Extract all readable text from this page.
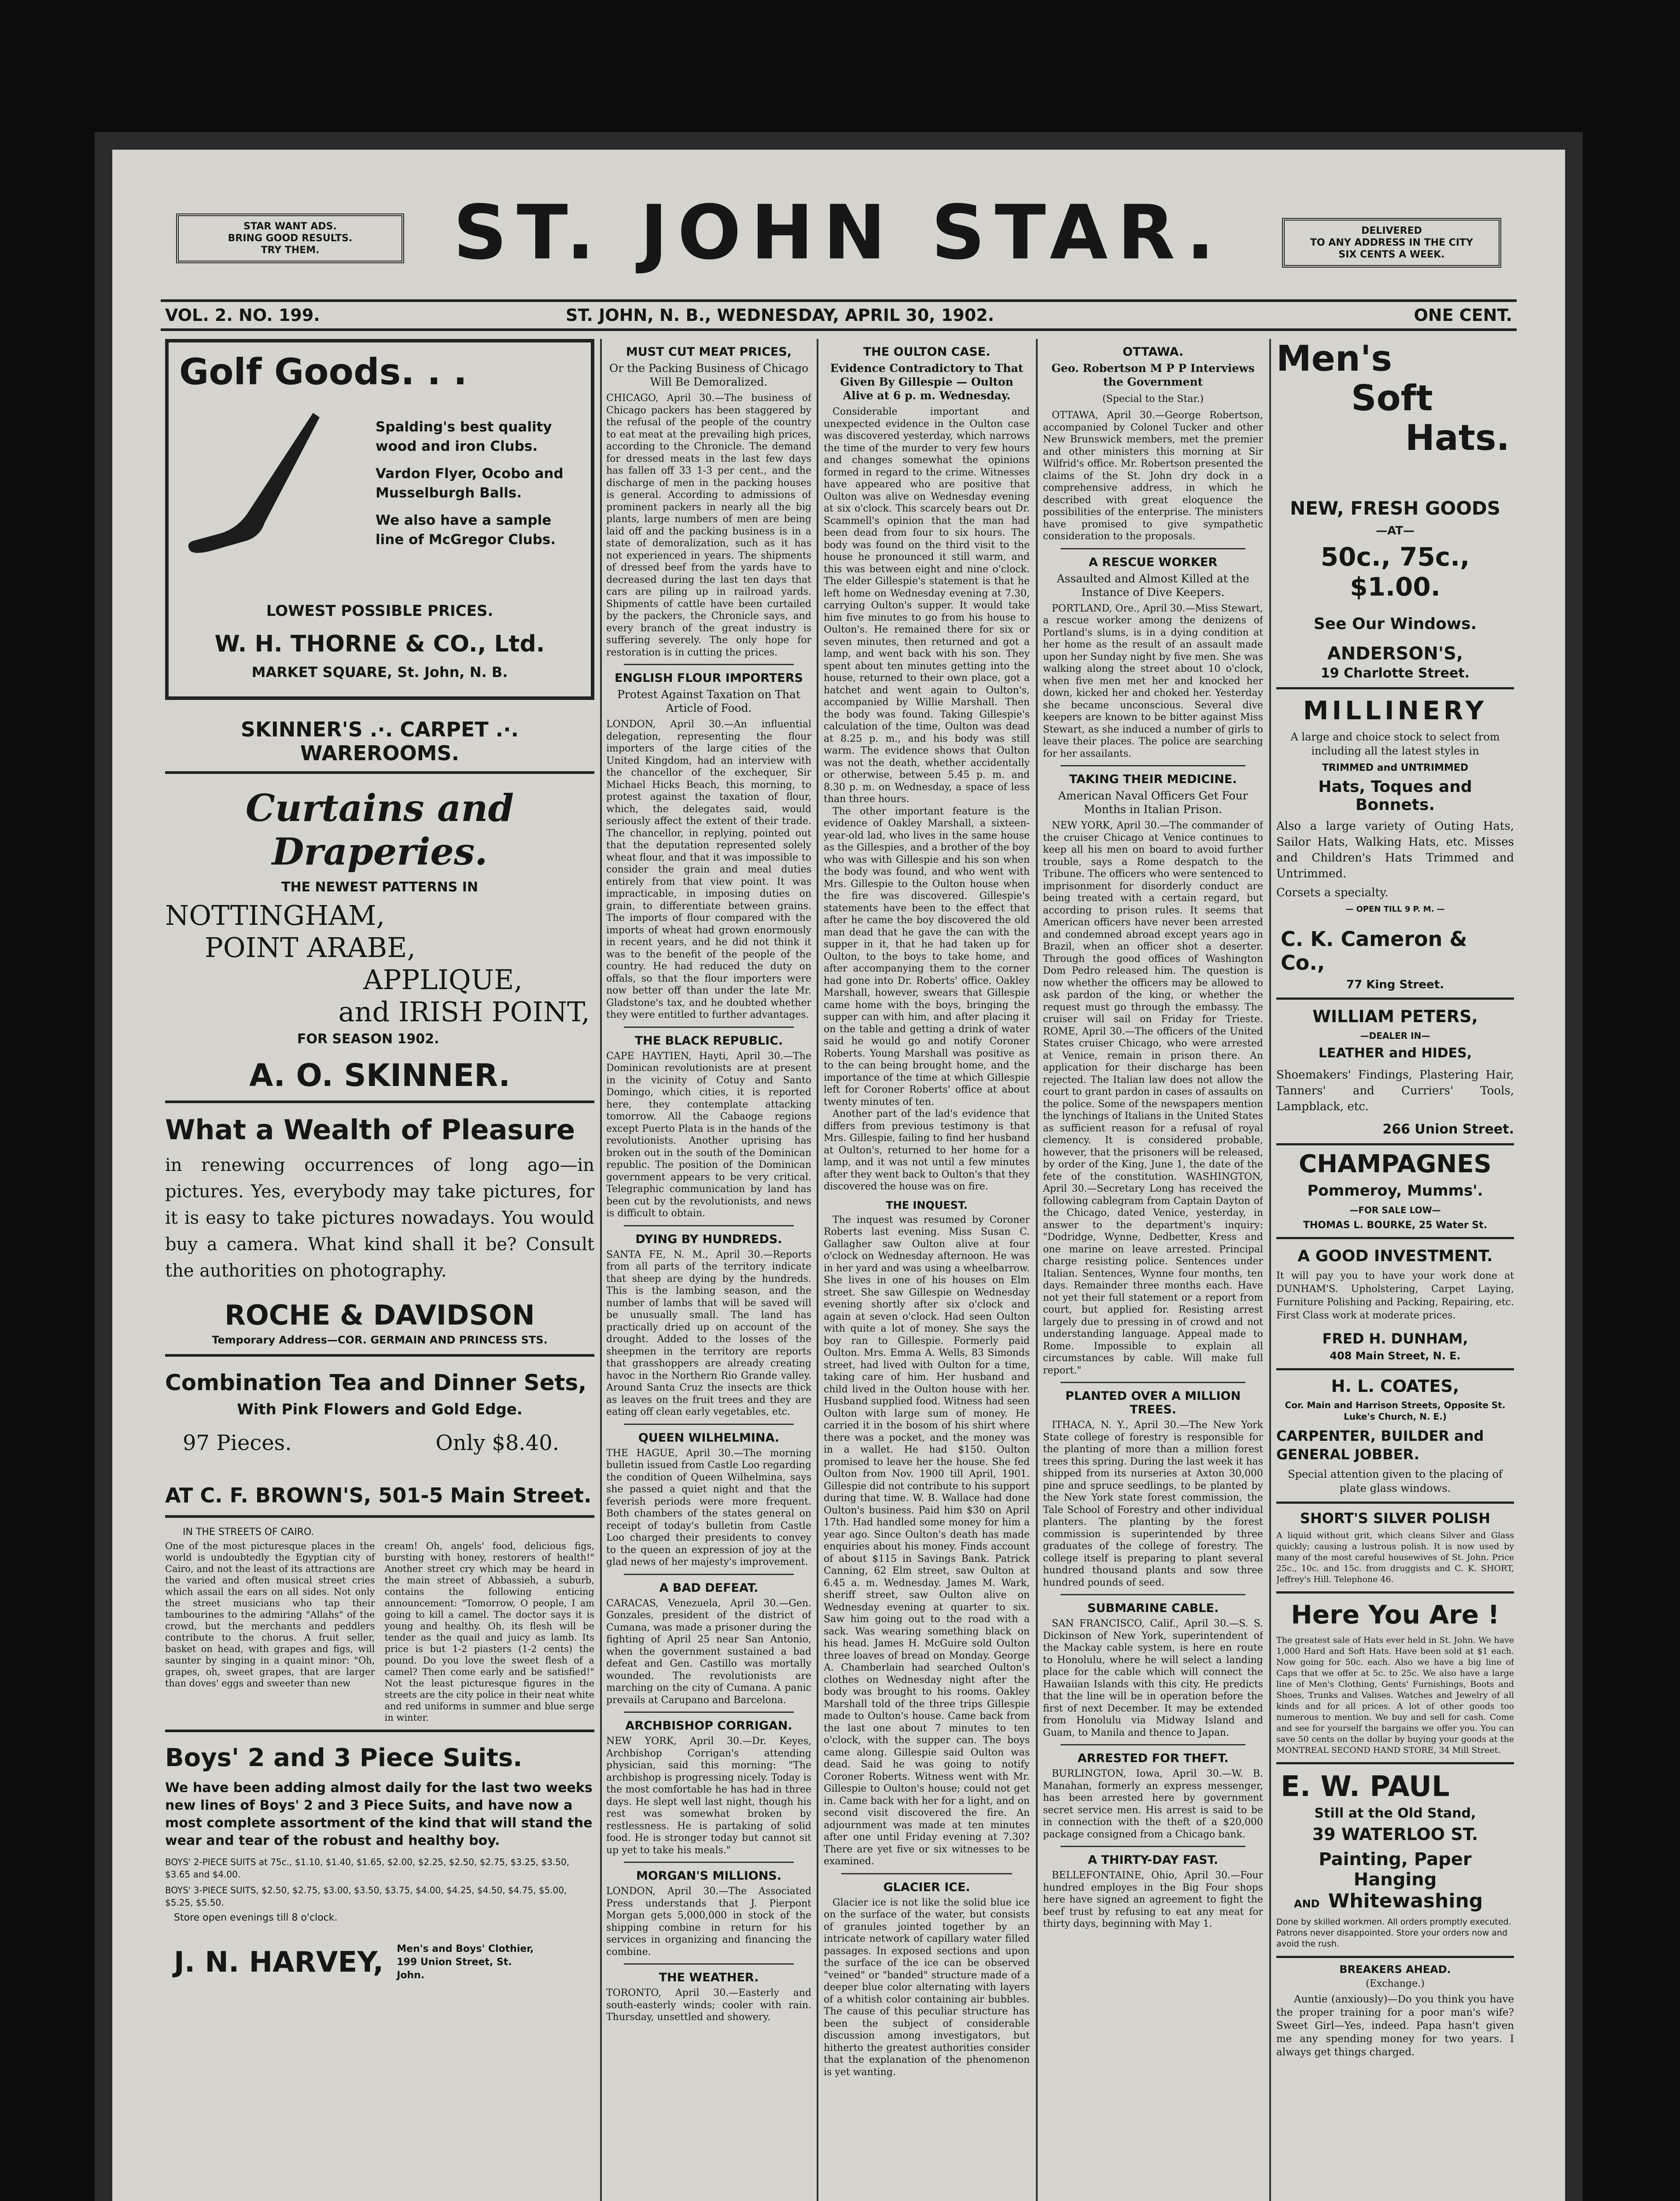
STAR WANT ADS.
BRING GOOD RESULTS.
TRY THEM.	ST. JOHN STAR.	DELIVERED
TO ANY ADDRESS IN THE CITY
SIX CENTS A WEEK.
VOL. 2. NO. 199.	ST. JOHN, N. B., WEDNESDAY, APRIL 30, 1902.	ONE CENT.
Golf Goods. . .
Spalding's best quality wood and iron Clubs.
Vardon Flyer, Ocobo and Musselburgh Balls.
We also have a sample line of McGregor Clubs.
LOWEST POSSIBLE PRICES.
W. H. THORNE & CO., Ltd.
MARKET SQUARE, St. John, N. B.
SKINNER'S .·. CARPET .·. WAREROOMS.
Curtains and Draperies.
THE NEWEST PATTERNS IN
NOTTINGHAM,
POINT ARABE,
APPLIQUE,
and IRISH POINT,
FOR SEASON 1902.
A. O. SKINNER.
What a Wealth of Pleasure
in renewing occurrences of long ago—in pictures. Yes, everybody may take pictures, for it is easy to take pictures nowadays. You would buy a camera. What kind shall it be? Consult the authorities on photography.
ROCHE & DAVIDSON
Temporary Address—COR. GERMAIN AND PRINCESS STS.
Combination Tea and Dinner Sets,
With Pink Flowers and Gold Edge.
97 Pieces.	Only $8.40.
AT C. F. BROWN'S, 501-5 Main Street.
IN THE STREETS OF CAIRO.
One of the most picturesque places in the world is undoubtedly the Egyptian city of Cairo, and not the least of its attractions are the varied and often musical street cries which assail the ears on all sides. Not only the street musicians who tap their tambourines to the admiring "Allahs" of the crowd, but the merchants and peddlers contribute to the chorus. A fruit seller, basket on head, with grapes and figs, will saunter by singing in a quaint minor: "Oh, grapes, oh, sweet grapes, that are larger than doves' eggs and sweeter than new
cream! Oh, angels' food, delicious figs, bursting with honey, restorers of health!" Another street cry which may be heard in the main street of Abbassieh, a suburb, contains the following enticing announcement: "Tomorrow, O people, I am going to kill a camel. The doctor says it is young and healthy. Oh, its flesh will be tender as the quail and juicy as lamb. Its price is but 1-2 piasters (1-2 cents) the pound. Do you love the sweet flesh of a camel? Then come early and be satisfied!" Not the least picturesque figures in the streets are the city police in their neat white and red uniforms in summer and blue serge in winter.
Boys' 2 and 3 Piece Suits.
We have been adding almost daily for the last two weeks new lines of Boys' 2 and 3 Piece Suits, and have now a most complete assortment of the kind that will stand the wear and tear of the robust and healthy boy.
BOYS' 2-PIECE SUITS at 75c., $1.10, $1.40, $1.65, $2.00, $2.25, $2.50, $2.75, $3.25, $3.50, $3.65 and $4.00.
BOYS' 3-PIECE SUITS, $2.50, $2.75, $3.00, $3.50, $3.75, $4.00, $4.25, $4.50, $4.75, $5.00, $5.25, $5.50.
Store open evenings till 8 o'clock.
J. N. HARVEY, Men's and Boys' Clothier, 199 Union Street, St. John.
MUST CUT MEAT PRICES,
Or the Packing Business of Chicago Will Be Demoralized.
CHICAGO, April 30.—The business of Chicago packers has been staggered by the refusal of the people of the country to eat meat at the prevailing high prices, according to the Chronicle. The demand for dressed meats in the last few days has fallen off 33 1-3 per cent., and the discharge of men in the packing houses is general. According to admissions of prominent packers in nearly all the big plants, large numbers of men are being laid off and the packing business is in a state of demoralization, such as it has not experienced in years. The shipments of dressed beef from the yards have to decreased during the last ten days that cars are piling up in railroad yards. Shipments of cattle have been curtailed by the packers, the Chronicle says, and every branch of the great industry is suffering severely. The only hope for restoration is in cutting the prices.
ENGLISH FLOUR IMPORTERS
Protest Against Taxation on That Article of Food.
LONDON, April 30.—An influential delegation, representing the flour importers of the large cities of the United Kingdom, had an interview with the chancellor of the exchequer, Sir Michael Hicks Beach, this morning, to protest against the taxation of flour, which, the delegates said, would seriously affect the extent of their trade. The chancellor, in replying, pointed out that the deputation represented solely wheat flour, and that it was impossible to consider the grain and meal duties entirely from that view point. It was impracticable, in imposing duties on grain, to differentiate between grains. The imports of flour compared with the imports of wheat had grown enormously in recent years, and he did not think it was to the benefit of the people of the country. He had reduced the duty on offals, so that the flour importers were now better off than under the late Mr. Gladstone's tax, and he doubted whether they were entitled to further advantages.
THE BLACK REPUBLIC.
CAPE HAYTIEN, Hayti, April 30.—The Dominican revolutionists are at present in the vicinity of Cotuy and Santo Domingo, which cities, it is reported here, they contemplate attacking tomorrow. All the Cabaoge regions except Puerto Plata is in the hands of the revolutionists. Another uprising has broken out in the south of the Dominican republic. The position of the Dominican government appears to be very critical. Telegraphic communication by land has been cut by the revolutionists, and news is difficult to obtain.
DYING BY HUNDREDS.
SANTA FE, N. M., April 30.—Reports from all parts of the territory indicate that sheep are dying by the hundreds. This is the lambing season, and the number of lambs that will be saved will be unusually small. The land has practically dried up on account of the drought. Added to the losses of the sheepmen in the territory are reports that grasshoppers are already creating havoc in the Northern Rio Grande valley. Around Santa Cruz the insects are thick as leaves on the fruit trees and they are eating off clean early vegetables, etc.
QUEEN WILHELMINA.
THE HAGUE, April 30.—The morning bulletin issued from Castle Loo regarding the condition of Queen Wilhelmina, says she passed a quiet night and that the feverish periods were more frequent. Both chambers of the states general on receipt of today's bulletin from Castle Loo charged their presidents to convey to the queen an expression of joy at the glad news of her majesty's improvement.
A BAD DEFEAT.
CARACAS, Venezuela, April 30.—Gen. Gonzales, president of the district of Cumana, was made a prisoner during the fighting of April 25 near San Antonio, when the government sustained a bad defeat and Gen. Castillo was mortally wounded. The revolutionists are marching on the city of Cumana. A panic prevails at Carupano and Barcelona.
ARCHBISHOP CORRIGAN.
NEW YORK, April 30.—Dr. Keyes, Archbishop Corrigan's attending physician, said this morning: "The archbishop is progressing nicely. Today is the most comfortable he has had in three days. He slept well last night, though his rest was somewhat broken by restlessness. He is partaking of solid food. He is stronger today but cannot sit up yet to take his meals."
MORGAN'S MILLIONS.
LONDON, April 30.—The Associated Press understands that J. Pierpont Morgan gets 5,000,000 in stock of the shipping combine in return for his services in organizing and financing the combine.
THE WEATHER.
TORONTO, April 30.—Easterly and south-easterly winds; cooler with rain. Thursday, unsettled and showery.
THE OULTON CASE.
Evidence Contradictory to That Given By Gillespie — Oulton Alive at 6 p. m. Wednesday.
Considerable important and unexpected evidence in the Oulton case was discovered yesterday, which narrows the time of the murder to very few hours and changes somewhat the opinions formed in regard to the crime. Witnesses have appeared who are positive that Oulton was alive on Wednesday evening at six o'clock. This scarcely bears out Dr. Scammell's opinion that the man had been dead from four to six hours. The body was found on the third visit to the house he pronounced it still warm, and this was between eight and nine o'clock. The elder Gillespie's statement is that he left home on Wednesday evening at 7.30, carrying Oulton's supper. It would take him five minutes to go from his house to Oulton's. He remained there for six or seven minutes, then returned and got a lamp, and went back with his son. They spent about ten minutes getting into the house, returned to their own place, got a hatchet and went again to Oulton's, accompanied by Willie Marshall. Then the body was found. Taking Gillespie's calculation of the time, Oulton was dead at 8.25 p. m., and his body was still warm. The evidence shows that Oulton was not the death, whether accidentally or otherwise, between 5.45 p. m. and 8.30 p. m. on Wednesday, a space of less than three hours.
The other important feature is the evidence of Oakley Marshall, a sixteen-year-old lad, who lives in the same house as the Gillespies, and a brother of the boy who was with Gillespie and his son when the body was found, and who went with Mrs. Gillespie to the Oulton house when the fire was discovered. Gillespie's statements have been to the effect that after he came the boy discovered the old man dead that he gave the can with the supper in it, that he had taken up for Oulton, to the boys to take home, and after accompanying them to the corner had gone into Dr. Roberts' office. Oakley Marshall, however, swears that Gillespie came home with the boys, bringing the supper can with him, and after placing it on the table and getting a drink of water said he would go and notify Coroner Roberts. Young Marshall was positive as to the can being brought home, and the importance of the time at which Gillespie left for Coroner Roberts' office at about twenty minutes of ten.
Another part of the lad's evidence that differs from previous testimony is that Mrs. Gillespie, failing to find her husband at Oulton's, returned to her home for a lamp, and it was not until a few minutes after they went back to Oulton's that they discovered the house was on fire.
THE INQUEST.
The inquest was resumed by Coroner Roberts last evening. Miss Susan C. Gallagher saw Oulton alive at four o'clock on Wednesday afternoon. He was in her yard and was using a wheelbarrow. She lives in one of his houses on Elm street. She saw Gillespie on Wednesday evening shortly after six o'clock and again at seven o'clock. Had seen Oulton with quite a lot of money. She says the boy ran to Gillespie. Formerly paid Oulton. Mrs. Emma A. Wells, 83 Simonds street, had lived with Oulton for a time, taking care of him. Her husband and child lived in the Oulton house with her. Husband supplied food. Witness had seen Oulton with large sum of money. He carried it in the bosom of his shirt where there was a pocket, and the money was in a wallet. He had $150. Oulton promised to leave her the house. She fed Oulton from Nov. 1900 till April, 1901. Gillespie did not contribute to his support during that time. W. B. Wallace had done Oulton's business. Paid him $30 on April 17th. Had handled some money for him a year ago. Since Oulton's death has made enquiries about his money. Finds account of about $115 in Savings Bank. Patrick Canning, 62 Elm street, saw Oulton at 6.45 a. m. Wednesday. James M. Wark, sheriff street, saw Oulton alive on Wednesday evening at quarter to six. Saw him going out to the road with a sack. Was wearing something black on his head. James H. McGuire sold Oulton three loaves of bread on Monday. George A. Chamberlain had searched Oulton's clothes on Wednesday night after the body was brought to his rooms. Oakley Marshall told of the three trips Gillespie made to Oulton's house. Came back from the last one about 7 minutes to ten o'clock, with the supper can. The boys came along. Gillespie said Oulton was dead. Said he was going to notify Coroner Roberts. Witness went with Mr. Gillespie to Oulton's house; could not get in. Came back with her for a light, and on second visit discovered the fire. An adjournment was made at ten minutes after one until Friday evening at 7.30? There are yet five or six witnesses to be examined.
GLACIER ICE.
Glacier ice is not like the solid blue ice on the surface of the water, but consists of granules jointed together by an intricate network of capillary water filled passages. In exposed sections and upon the surface of the ice can be observed "veined" or "banded" structure made of a deeper blue color alternating with layers of a whitish color containing air bubbles. The cause of this peculiar structure has been the subject of considerable discussion among investigators, but hitherto the greatest authorities consider that the explanation of the phenomenon is yet wanting.
OTTAWA.
Geo. Robertson M P P Interviews the Government
(Special to the Star.)
OTTAWA, April 30.—George Robertson, accompanied by Colonel Tucker and other New Brunswick members, met the premier and other ministers this morning at Sir Wilfrid's office. Mr. Robertson presented the claims of the St. John dry dock in a comprehensive address, in which he described with great eloquence the possibilities of the enterprise. The ministers have promised to give sympathetic consideration to the proposals.
A RESCUE WORKER
Assaulted and Almost Killed at the Instance of Dive Keepers.
PORTLAND, Ore., April 30.—Miss Stewart, a rescue worker among the denizens of Portland's slums, is in a dying condition at her home as the result of an assault made upon her Sunday night by five men. She was walking along the street about 10 o'clock, when five men met her and knocked her down, kicked her and choked her. Yesterday she became unconscious. Several dive keepers are known to be bitter against Miss Stewart, as she induced a number of girls to leave their places. The police are searching for her assailants.
TAKING THEIR MEDICINE.
American Naval Officers Get Four Months in Italian Prison.
NEW YORK, April 30.—The commander of the cruiser Chicago at Venice continues to keep all his men on board to avoid further trouble, says a Rome despatch to the Tribune. The officers who were sentenced to imprisonment for disorderly conduct are being treated with a certain regard, but according to prison rules. It seems that American officers have never been arrested and condemned abroad except years ago in Brazil, when an officer shot a deserter. Through the good offices of Washington Dom Pedro released him. The question is now whether the officers may be allowed to ask pardon of the king, or whether the request must go through the embassy. The cruiser will sail on Friday for Trieste. ROME, April 30.—The officers of the United States cruiser Chicago, who were arrested at Venice, remain in prison there. An application for their discharge has been rejected. The Italian law does not allow the court to grant pardon in cases of assaults on the police. Some of the newspapers mention the lynchings of Italians in the United States as sufficient reason for a refusal of royal clemency. It is considered probable, however, that the prisoners will be released, by order of the King, June 1, the date of the fete of the constitution. WASHINGTON, April 30.—Secretary Long has received the following cablegram from Captain Dayton of the Chicago, dated Venice, yesterday, in answer to the department's inquiry: "Dodridge, Wynne, Dedbetter, Kress and one marine on leave arrested. Principal charge resisting police. Sentences under Italian. Sentences, Wynne four months, ten days. Remainder three months each. Have not yet their full statement or a report from court, but applied for. Resisting arrest largely due to pressing in of crowd and not understanding language. Appeal made to Rome. Impossible to explain all circumstances by cable. Will make full report."
PLANTED OVER A MILLION TREES.
ITHACA, N. Y., April 30.—The New York State college of forestry is responsible for the planting of more than a million forest trees this spring. During the last week it has shipped from its nurseries at Axton 30,000 pine and spruce seedlings, to be planted by the New York state forest commission, the Tale School of Forestry and other individual planters. The planting by the forest commission is superintended by three graduates of the college of forestry. The college itself is preparing to plant several hundred thousand plants and sow three hundred pounds of seed.
SUBMARINE CABLE.
SAN FRANCISCO, Calif., April 30.—S. S. Dickinson of New York, superintendent of the Mackay cable system, is here en route to Honolulu, where he will select a landing place for the cable which will connect the Hawaiian Islands with this city. He predicts that the line will be in operation before the first of next December. It may be extended from Honolulu via Midway Island and Guam, to Manila and thence to Japan.
ARRESTED FOR THEFT.
BURLINGTON, Iowa, April 30.—W. B. Manahan, formerly an express messenger, has been arrested here by government secret service men. His arrest is said to be in connection with the theft of a $20,000 package consigned from a Chicago bank.
A THIRTY-DAY FAST.
BELLEFONTAINE, Ohio, April 30.—Four hundred employes in the Big Four shops here have signed an agreement to fight the beef trust by refusing to eat any meat for thirty days, beginning with May 1.
Men's
Soft
Hats.
NEW, FRESH GOODS
—AT—
50c., 75c., $1.00.
See Our Windows.
ANDERSON'S,
19 Charlotte Street.
MILLINERY
A large and choice stock to select from including all the latest styles in
TRIMMED and UNTRIMMED
Hats, Toques and Bonnets.
Also a large variety of Outing Hats, Sailor Hats, Walking Hats, etc. Misses and Children's Hats Trimmed and Untrimmed.
Corsets a specialty.
— OPEN TILL 9 P. M. —
C. K. Cameron & Co.,
77 King Street.
WILLIAM PETERS,
—DEALER IN—
LEATHER and HIDES,
Shoemakers' Findings, Plastering Hair, Tanners' and Curriers' Tools, Lampblack, etc.
266 Union Street.
CHAMPAGNES
Pommeroy, Mumms'.
—FOR SALE LOW—
THOMAS L. BOURKE, 25 Water St.
A GOOD INVESTMENT.
It will pay you to have your work done at DUNHAM'S. Upholstering, Carpet Laying, Furniture Polishing and Packing, Repairing, etc. First Class work at moderate prices.
FRED H. DUNHAM,
408 Main Street, N. E.
H. L. COATES,
Cor. Main and Harrison Streets, Opposite St. Luke's Church, N. E.)
CARPENTER, BUILDER and GENERAL JOBBER.
Special attention given to the placing of plate glass windows.
SHORT'S SILVER POLISH
A liquid without grit, which cleans Silver and Glass quickly; causing a lustrous polish. It is now used by many of the most careful housewives of St. John. Price 25c., 10c. and 15c. from druggists and C. K. SHORT, Jeffrey's Hill. Telephone 46.
Here You Are !
The greatest sale of Hats ever held in St. John. We have 1,000 Hard and Soft Hats. Have been sold at $1 each. Now going for 50c. each. Also we have a big line of Caps that we offer at 5c. to 25c. We also have a large line of Men's Clothing, Gents' Furnishings, Boots and Shoes, Trunks and Valises. Watches and Jewelry of all kinds and for all prices. A lot of other goods too numerous to mention. We buy and sell for cash. Come and see for yourself the bargains we offer you. You can save 50 cents on the dollar by buying your goods at the MONTREAL SECOND HAND STORE, 34 Mill Street.
E. W. PAUL
Still at the Old Stand,
39 WATERLOO ST.
Painting, Paper Hanging
AND Whitewashing
Done by skilled workmen. All orders promptly executed. Patrons never disappointed. Store your orders now and avoid the rush.
BREAKERS AHEAD.
(Exchange.)
Auntie (anxiously)—Do you think you have the proper training for a poor man's wife? Sweet Girl—Yes, indeed. Papa hasn't given me any spending money for two years. I always get things charged.
